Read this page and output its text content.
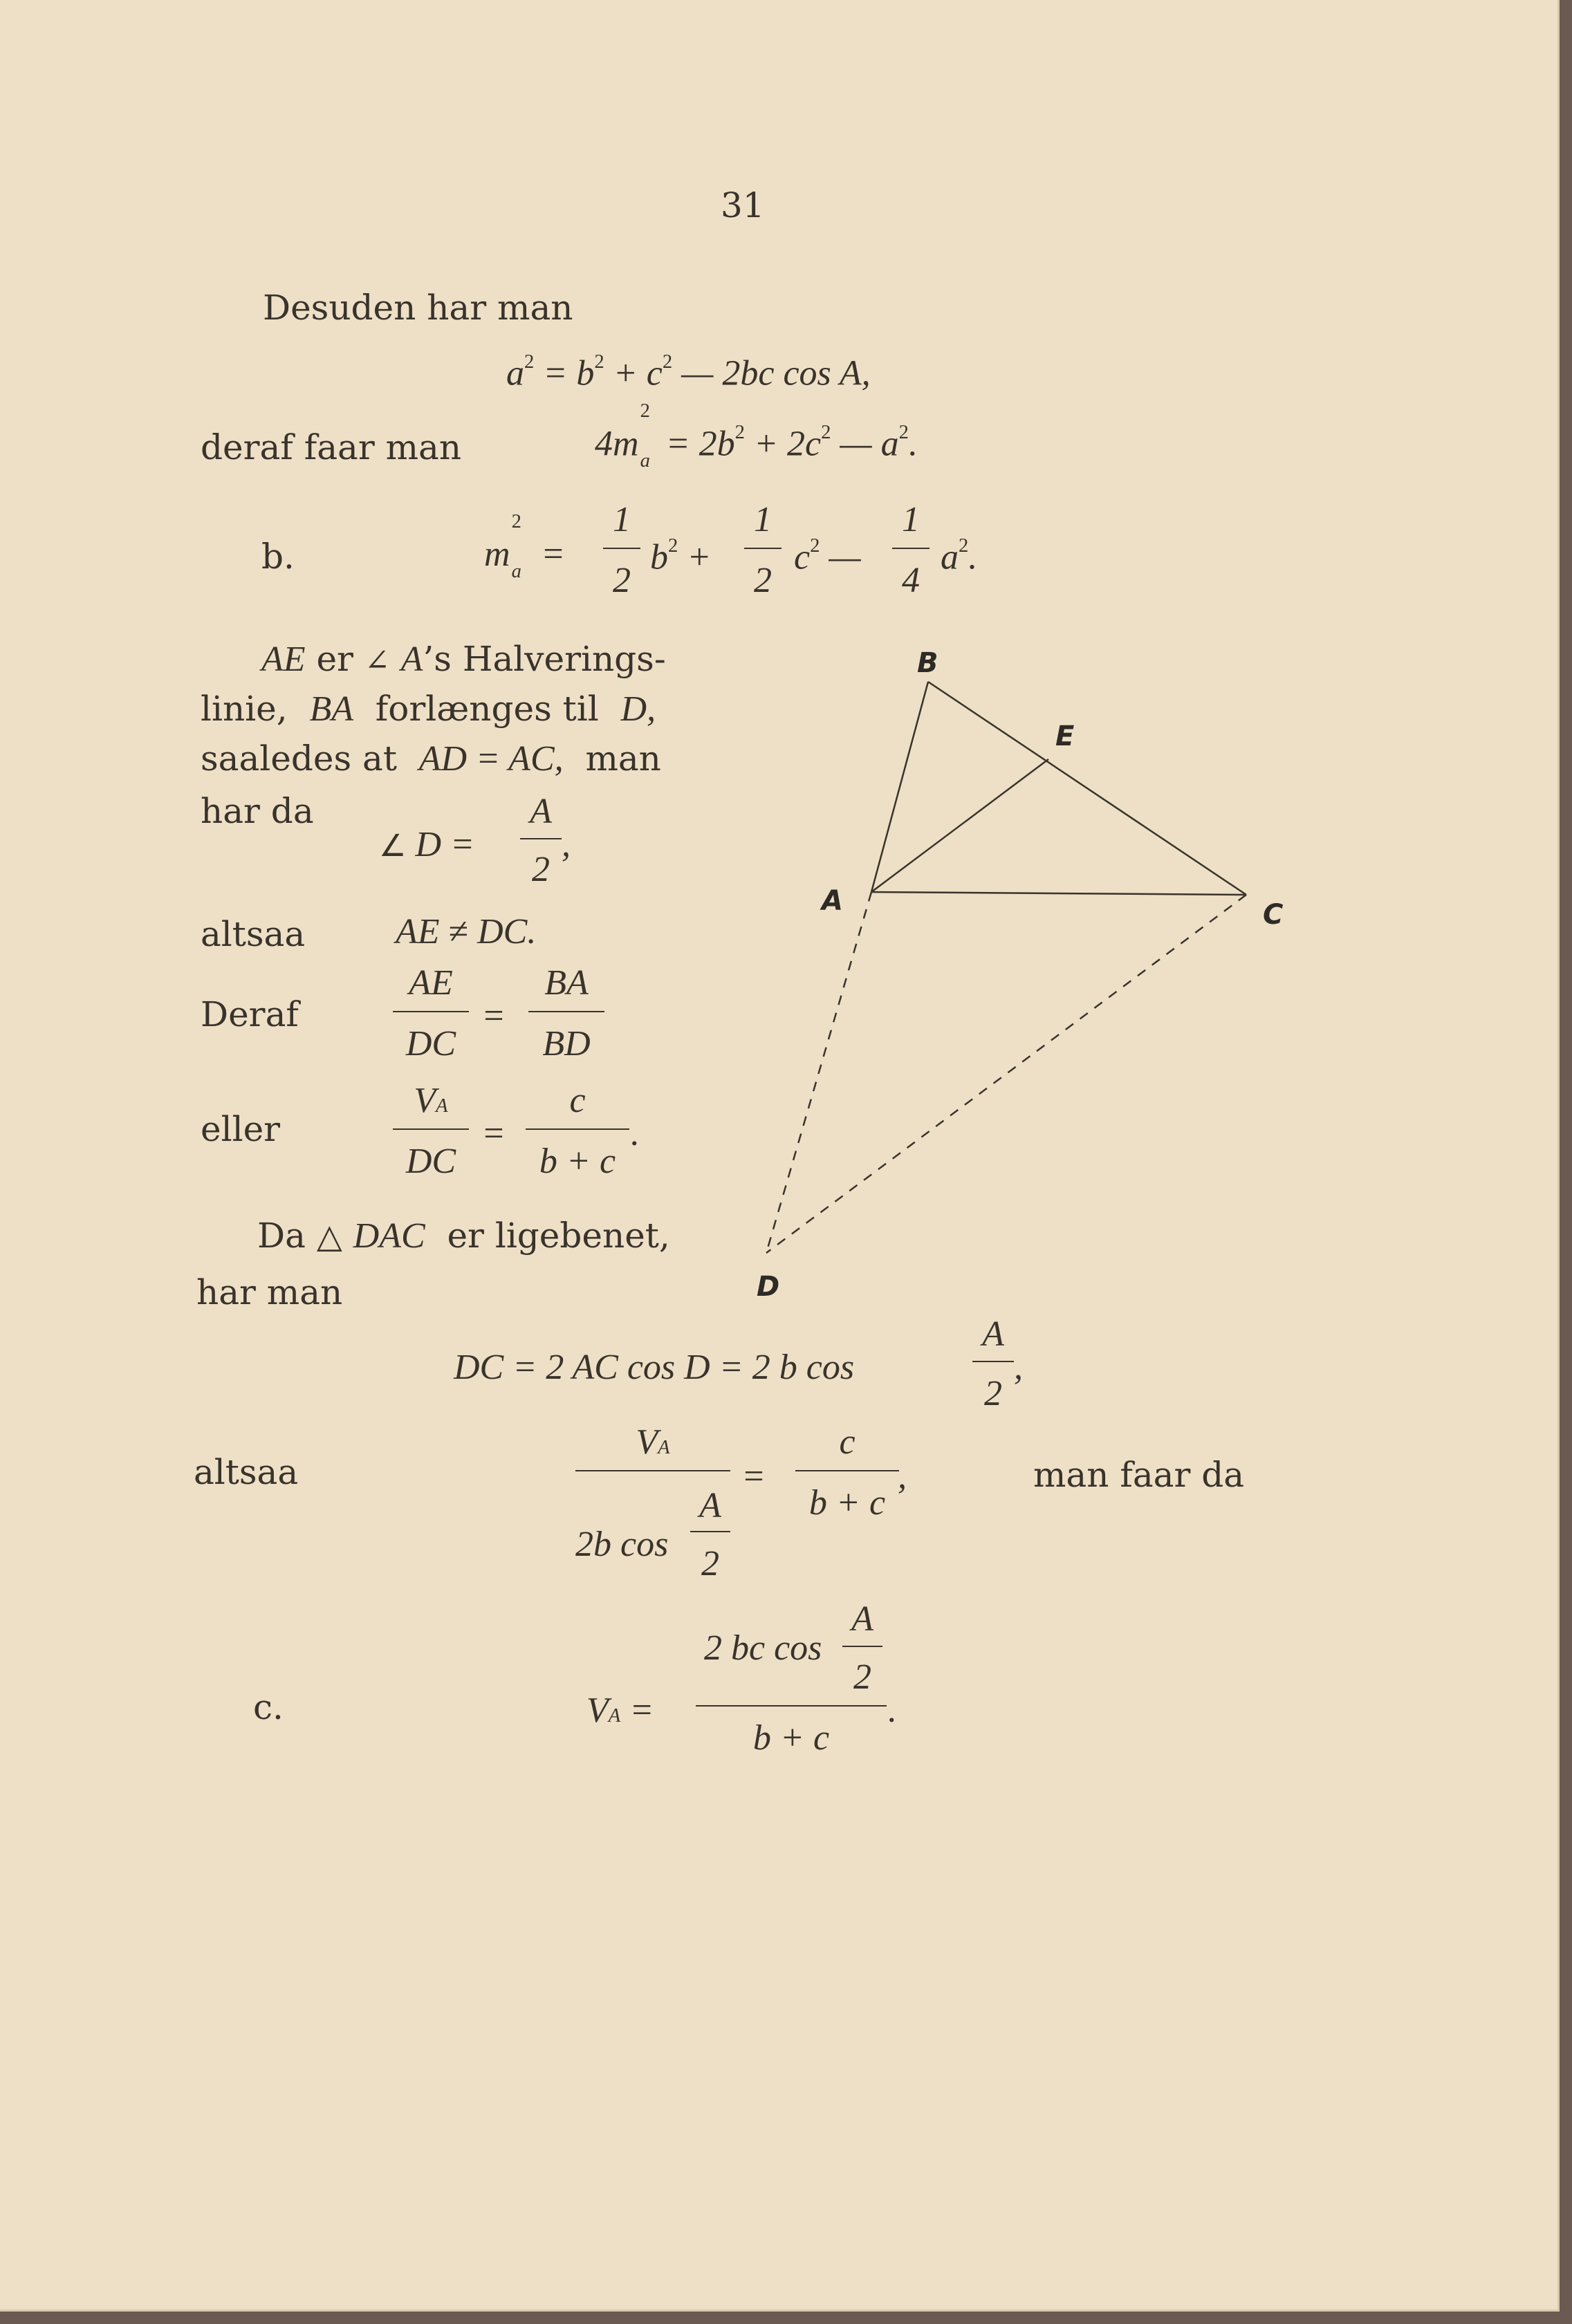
31
Desuden har man
$a^2 = b^2 + c^2$ — 2bc cos A,
deraf faar man	4m
2
$a = 2b^2 + 2c^2$ — $a^2$.
b.	m
2
a =
1
2
$b^2$ +
1
2
$c^2$ —
1
4
$a^2$.
AE er ∠ A’s Halverings-
linie, BA forlænges til D,
saaledes at AD = AC, man
har da
∠ D =
A
2
,
altsaa	AE ≠ DC.
Deraf
AE
DC
=
BA
BD
eller
VA
DC
=
c
b + c
.
Da △ DAC er ligebenet,
har man
DC = 2 AC cos D = 2 b cos
A
2
,
altsaa
VA
2b cos
A
2
=
c
b + c
,	man faar da
c.	VA =
2 bc cos
A
2
b + c
.
B
E
A	C
D
